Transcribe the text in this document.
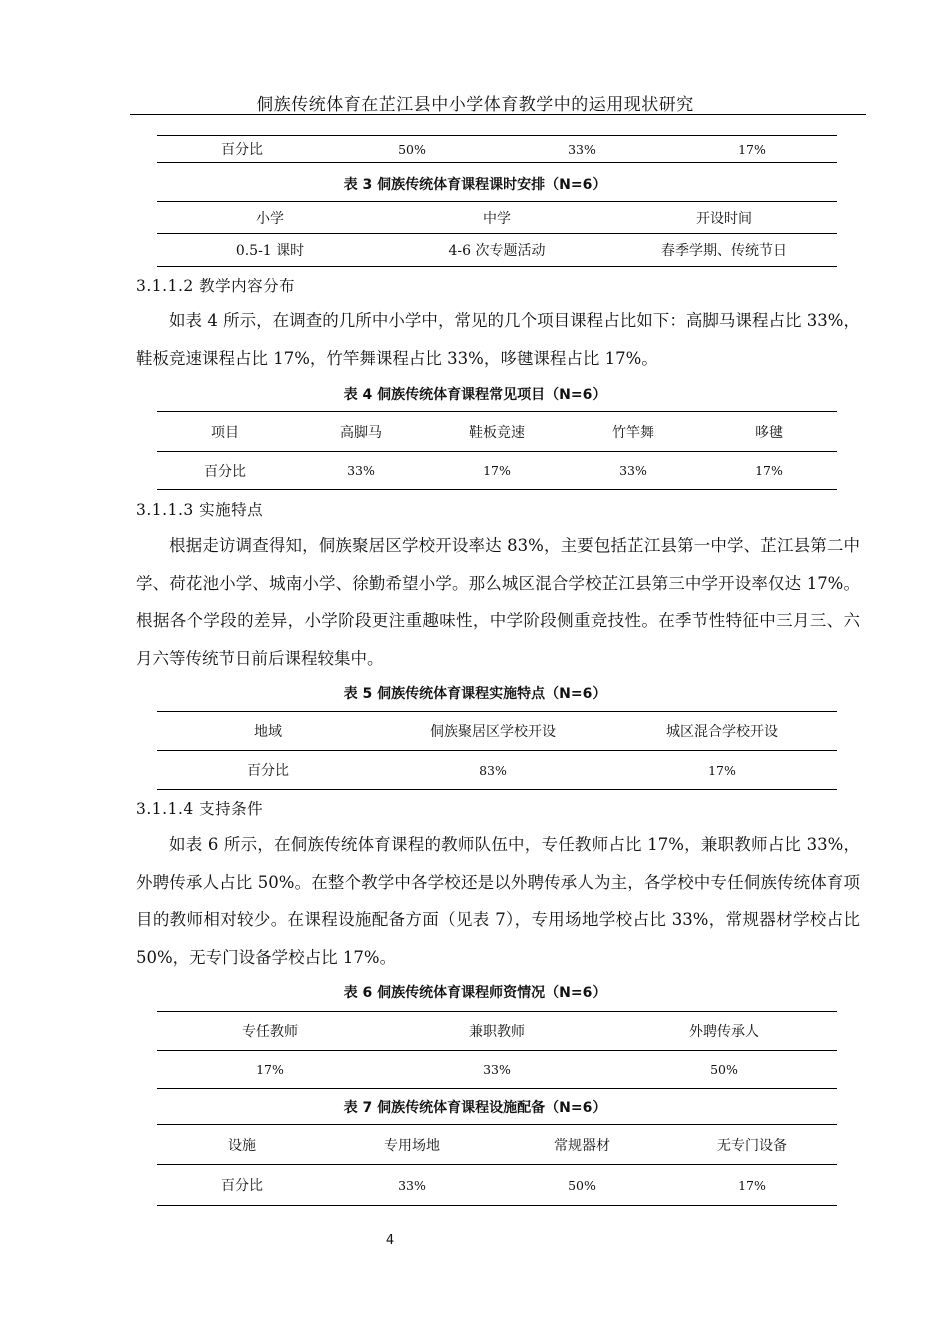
侗族传统体育在芷江县中小学体育教学中的运用现状研究
百分比	50%	33%	17%
表 3 侗族传统体育课程课时安排（N=6）
小学	中学	开设时间
0.5-1 课时	4-6 次专题活动	春季学期、传统节日
3.1.1.2 教学内容分布

如表 4 所示，在调查的几所中小学中，常见的几个项目课程占比如下：高脚马课程占比 33%，鞋板竞速课程占比 17%，竹竿舞课程占比 33%，哆毽课程占比 17%。

表 4 侗族传统体育课程常见项目（N=6）
项目	高脚马	鞋板竞速	竹竿舞	哆毽
百分比	33%	17%	33%	17%
3.1.1.3 实施特点

根据走访调查得知，侗族聚居区学校开设率达 83%，主要包括芷江县第一中学、芷江县第二中学、荷花池小学、城南小学、徐勤希望小学。那么城区混合学校芷江县第三中学开设率仅达 17%。根据各个学段的差异，小学阶段更注重趣味性，中学阶段侧重竞技性。在季节性特征中三月三、六月六等传统节日前后课程较集中。

表 5 侗族传统体育课程实施特点（N=6）
地域	侗族聚居区学校开设	城区混合学校开设
百分比	83%	17%
3.1.1.4 支持条件

如表 6 所示，在侗族传统体育课程的教师队伍中，专任教师占比 17%，兼职教师占比 33%，外聘传承人占比 50%。在整个教学中各学校还是以外聘传承人为主，各学校中专任侗族传统体育项目的教师相对较少。在课程设施配备方面（见表 7），专用场地学校占比 33%，常规器材学校占比 50%，无专门设备学校占比 17%。

表 6 侗族传统体育课程师资情况（N=6）
专任教师	兼职教师	外聘传承人
17%	33%	50%
表 7 侗族传统体育课程设施配备（N=6）
设施	专用场地	常规器材	无专门设备
百分比	33%	50%	17%
4
